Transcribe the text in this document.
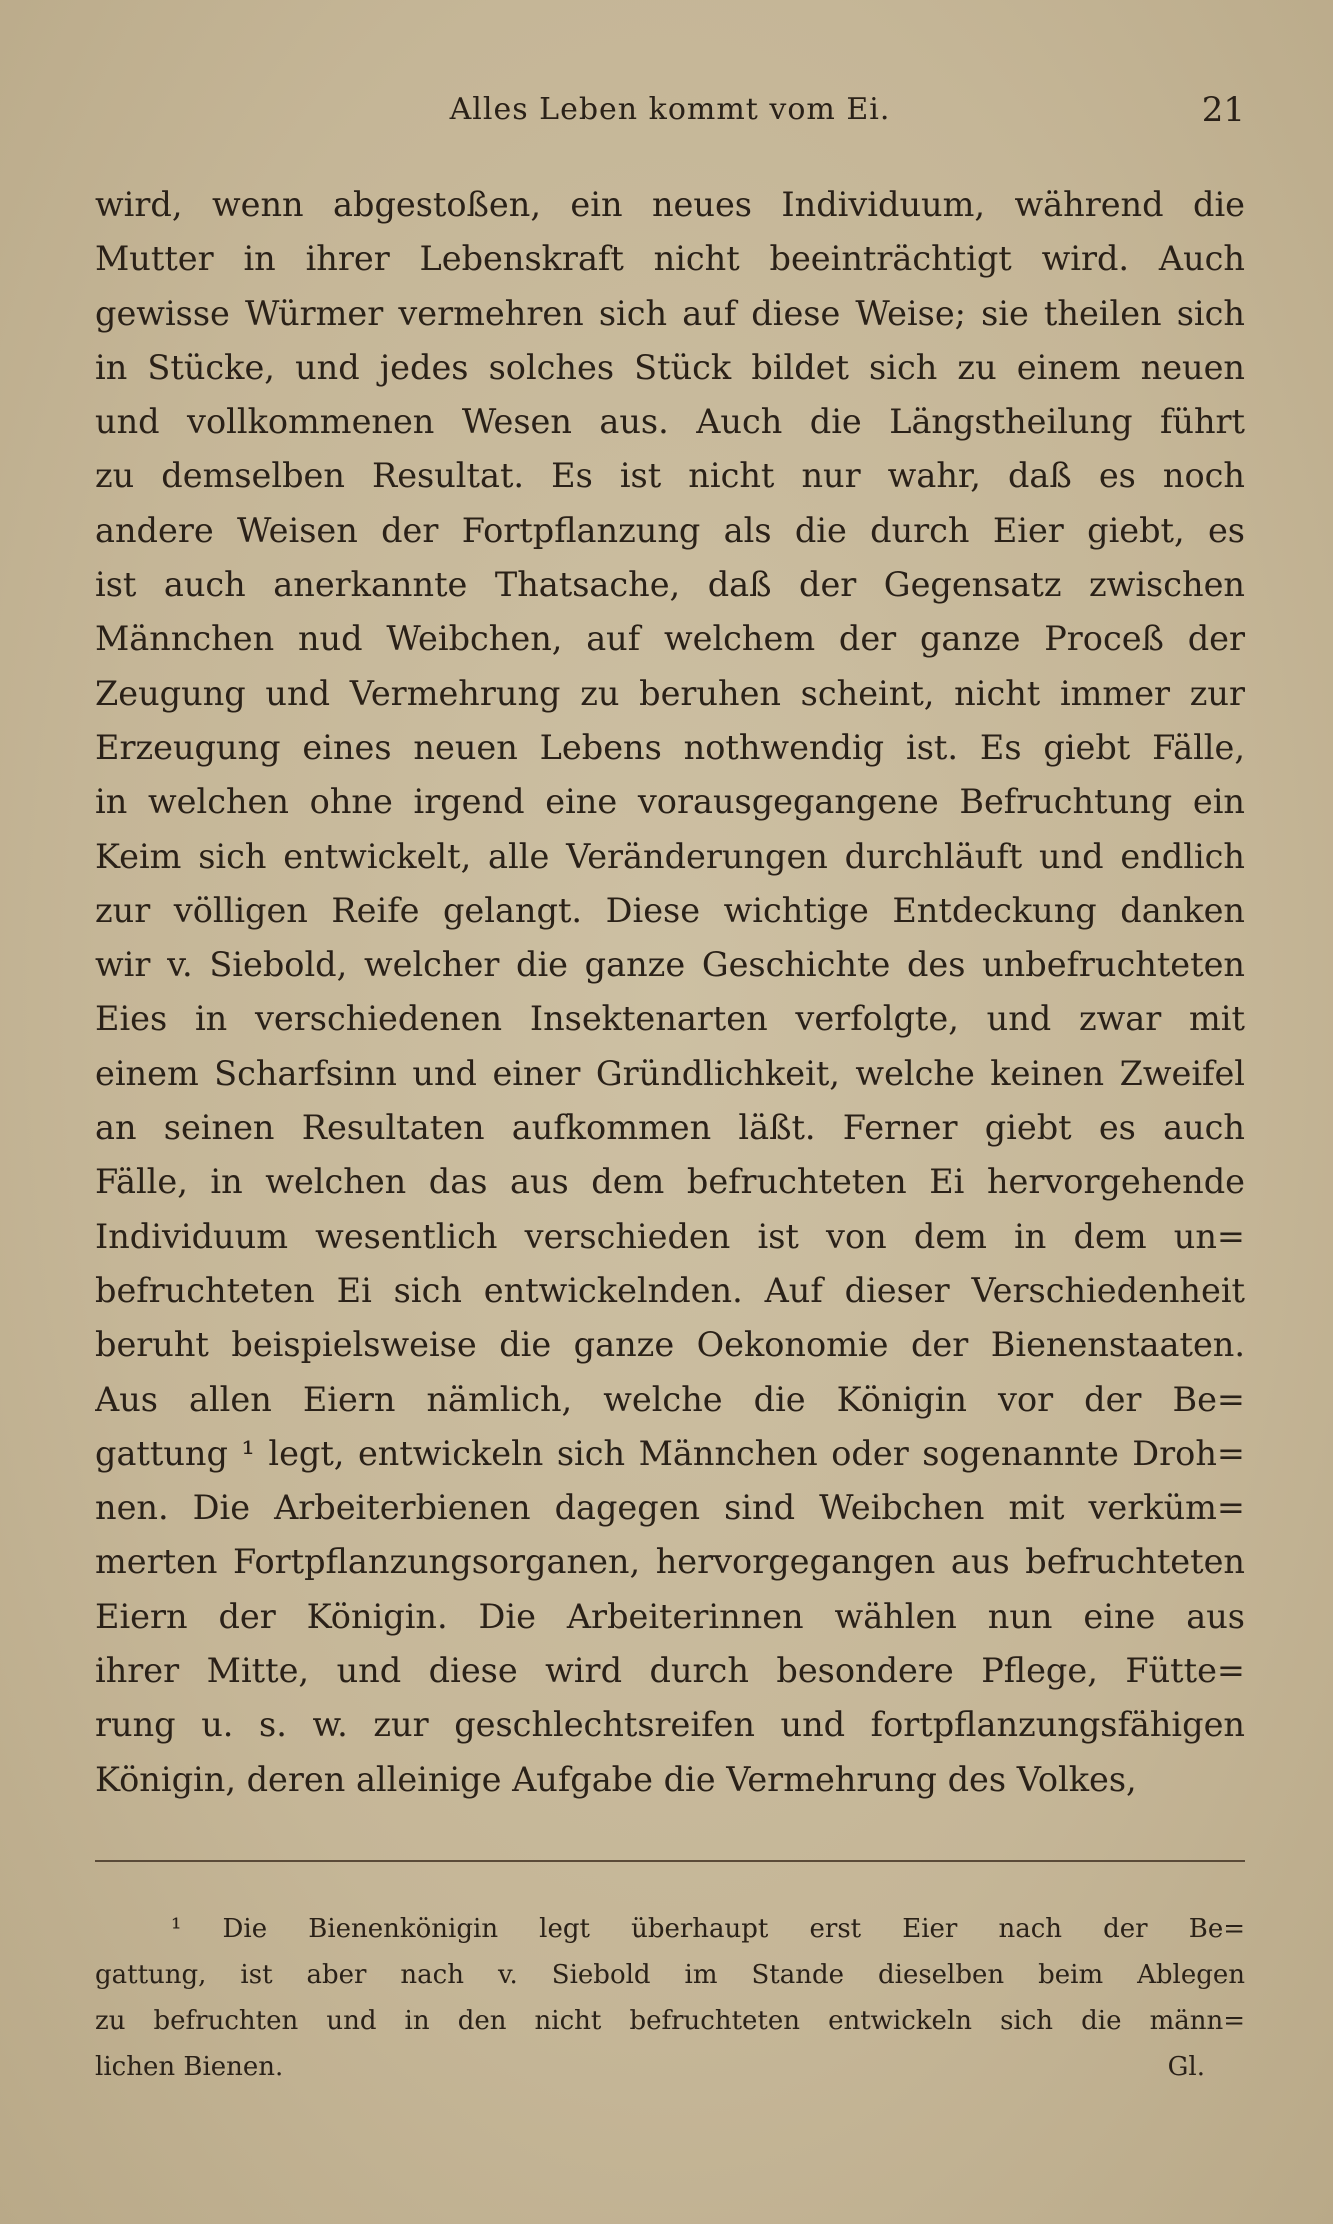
Alles Leben kommt vom Ei.	21
wird, wenn abgestoßen, ein neues Individuum, während die
Mutter in ihrer Lebenskraft nicht beeinträchtigt wird. Auch
gewisse Würmer vermehren sich auf diese Weise; sie theilen sich
in Stücke, und jedes solches Stück bildet sich zu einem neuen
und vollkommenen Wesen aus. Auch die Längstheilung führt
zu demselben Resultat. Es ist nicht nur wahr, daß es noch
andere Weisen der Fortpflanzung als die durch Eier giebt, es
ist auch anerkannte Thatsache, daß der Gegensatz zwischen
Männchen nud Weibchen, auf welchem der ganze Proceß der
Zeugung und Vermehrung zu beruhen scheint, nicht immer zur
Erzeugung eines neuen Lebens nothwendig ist. Es giebt Fälle,
in welchen ohne irgend eine vorausgegangene Befruchtung ein
Keim sich entwickelt, alle Veränderungen durchläuft und endlich
zur völligen Reife gelangt. Diese wichtige Entdeckung danken
wir v. Siebold, welcher die ganze Geschichte des unbefruchteten
Eies in verschiedenen Insektenarten verfolgte, und zwar mit
einem Scharfsinn und einer Gründlichkeit, welche keinen Zweifel
an seinen Resultaten aufkommen läßt. Ferner giebt es auch
Fälle, in welchen das aus dem befruchteten Ei hervorgehende
Individuum wesentlich verschieden ist von dem in dem un=
befruchteten Ei sich entwickelnden. Auf dieser Verschiedenheit
beruht beispielsweise die ganze Oekonomie der Bienenstaaten.
Aus allen Eiern nämlich, welche die Königin vor der Be=
gattung ¹ legt, entwickeln sich Männchen oder sogenannte Droh=
nen. Die Arbeiterbienen dagegen sind Weibchen mit verküm=
merten Fortpflanzungsorganen, hervorgegangen aus befruchteten
Eiern der Königin. Die Arbeiterinnen wählen nun eine aus
ihrer Mitte, und diese wird durch besondere Pflege, Fütte=
rung u. s. w. zur geschlechtsreifen und fortpflanzungsfähigen
Königin, deren alleinige Aufgabe die Vermehrung des Volkes,
¹ Die Bienenkönigin legt überhaupt erst Eier nach der Be=
gattung, ist aber nach v. Siebold im Stande dieselben beim Ablegen
zu befruchten und in den nicht befruchteten entwickeln sich die männ=
lichen Bienen.	Gl.
